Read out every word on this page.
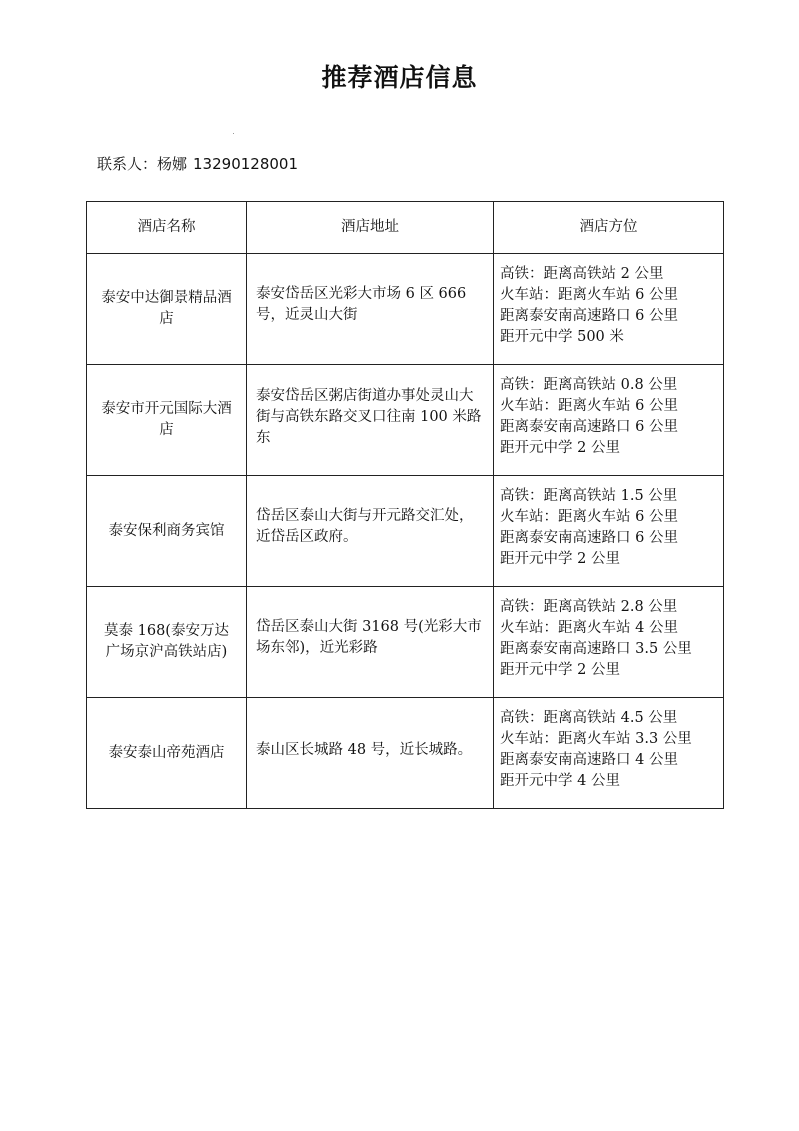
推荐酒店信息
联系人：杨娜 13290128001
酒店名称	酒店地址	酒店方位
泰安中达御景精品酒店	泰安岱岳区光彩大市场 6 区 666 号，近灵山大街	高铁：距离高铁站 2 公里
火车站：距离火车站 6 公里
距离泰安南高速路口 6 公里
距开元中学 500 米

泰安市开元国际大酒店	泰安岱岳区粥店街道办事处灵山大街与高铁东路交叉口往南 100 米路东	高铁：距离高铁站 0.8 公里
火车站：距离火车站 6 公里
距离泰安南高速路口 6 公里
距开元中学 2 公里

泰安保利商务宾馆	岱岳区泰山大街与开元路交汇处，近岱岳区政府。	高铁：距离高铁站 1.5 公里
火车站：距离火车站 6 公里
距离泰安南高速路口 6 公里
距开元中学 2 公里

莫泰 168(泰安万达广场京沪高铁站店)	岱岳区泰山大街 3168 号(光彩大市场东邻)，近光彩路	高铁：距离高铁站 2.8 公里
火车站：距离火车站 4 公里
距离泰安南高速路口 3.5 公里
距开元中学 2 公里

泰安泰山帝苑酒店	泰山区长城路 48 号，近长城路。	高铁：距离高铁站 4.5 公里
火车站：距离火车站 3.3 公里
距离泰安南高速路口 4 公里
距开元中学 4 公里
